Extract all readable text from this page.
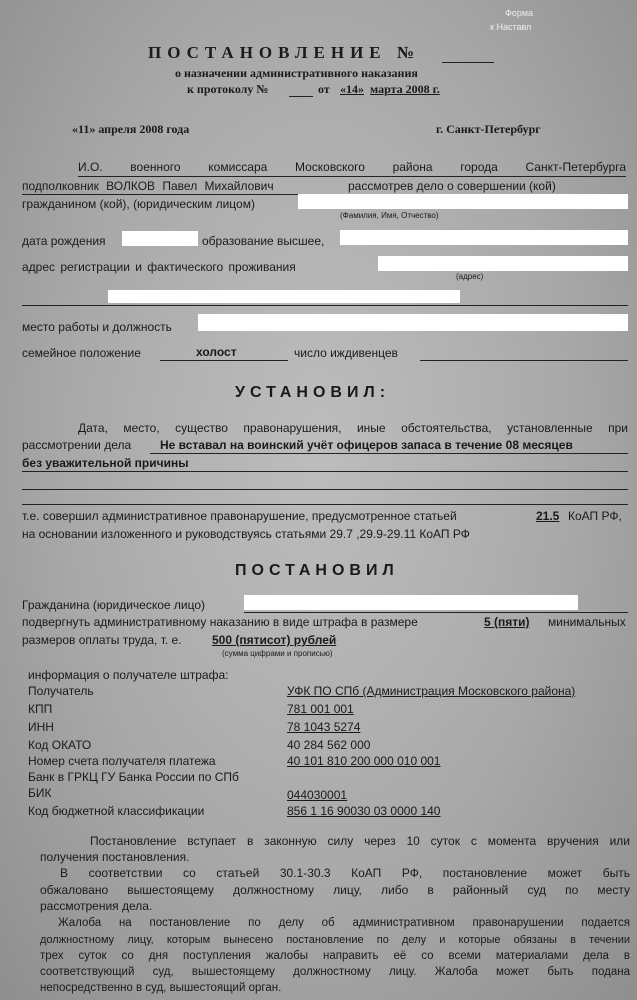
Форма
к Наставл
ПОСТАНОВЛЕНИЕ №
о назначении административного наказания
к протоколу №	от «14» марта 2008 г.
«11» апреля 2008 года	г. Санкт-Петербург
И.О. военного комиссара Московского района города Санкт-Петербурга
подполковник ВОЛКОВ Павел Михайлович	рассмотрев дело о совершении (кой)
гражданином (кой), (юридическим лицом)
(Фамилия, Имя, Отчество)
дата рождения	образование высшее,
адрес регистрации и фактического проживания
(адрес)
место работы и должность
семейное положение	холост	число иждивенцев
УСТАНОВИЛ:
Дата, место, существо правонарушения, иные обстоятельства, установленные при
рассмотрении дела Не вставал на воинский учёт офицеров запаса в течение 08 месяцев
без уважительной причины
т.е. совершил административное правонарушение, предусмотренное статьей	21.5 КоАП РФ,
на основании изложенного и руководствуясь статьями 29.7 ,29.9-29.11 КоАП РФ
ПОСТАНОВИЛ
Гражданина (юридическое лицо)
подвергнуть административному наказанию в виде штрафа в размере	5 (пяти) минимальных
размеров оплаты труда, т. е.	500 (пятисот) рублей
(сумма цифрами и прописью)
информация о получателе штрафа:
Получатель	УФК ПО СПб (Администрация Московского района)
КПП	781 001 001
ИНН	78 1043 5274
Код ОКАТО	40 284 562 000
Номер счета получателя платежа	40 101 810 200 000 010 001
Банк в ГРКЦ ГУ Банка России по СПб
БИК	044030001
Код бюджетной классификации	856 1 16 90030 03 0000 140
Постановление вступает в законную силу через 10 суток с момента вручения или
получения постановления.
В соответствии со статьей 30.1-30.3 КоАП РФ, постановление может быть
обжаловано вышестоящему должностному лицу, либо в районный суд по месту
рассмотрения дела.
Жалоба на постановление по делу об административном правонарушении подается
должностному лицу, которым вынесено постановление по делу и которые обязаны в течении
трех суток со дня поступления жалобы направить её со всеми материалами дела в
соответствующий суд, вышестоящему должностному лицу. Жалоба может быть подана
непосредственно в суд, вышестоящий орган.
